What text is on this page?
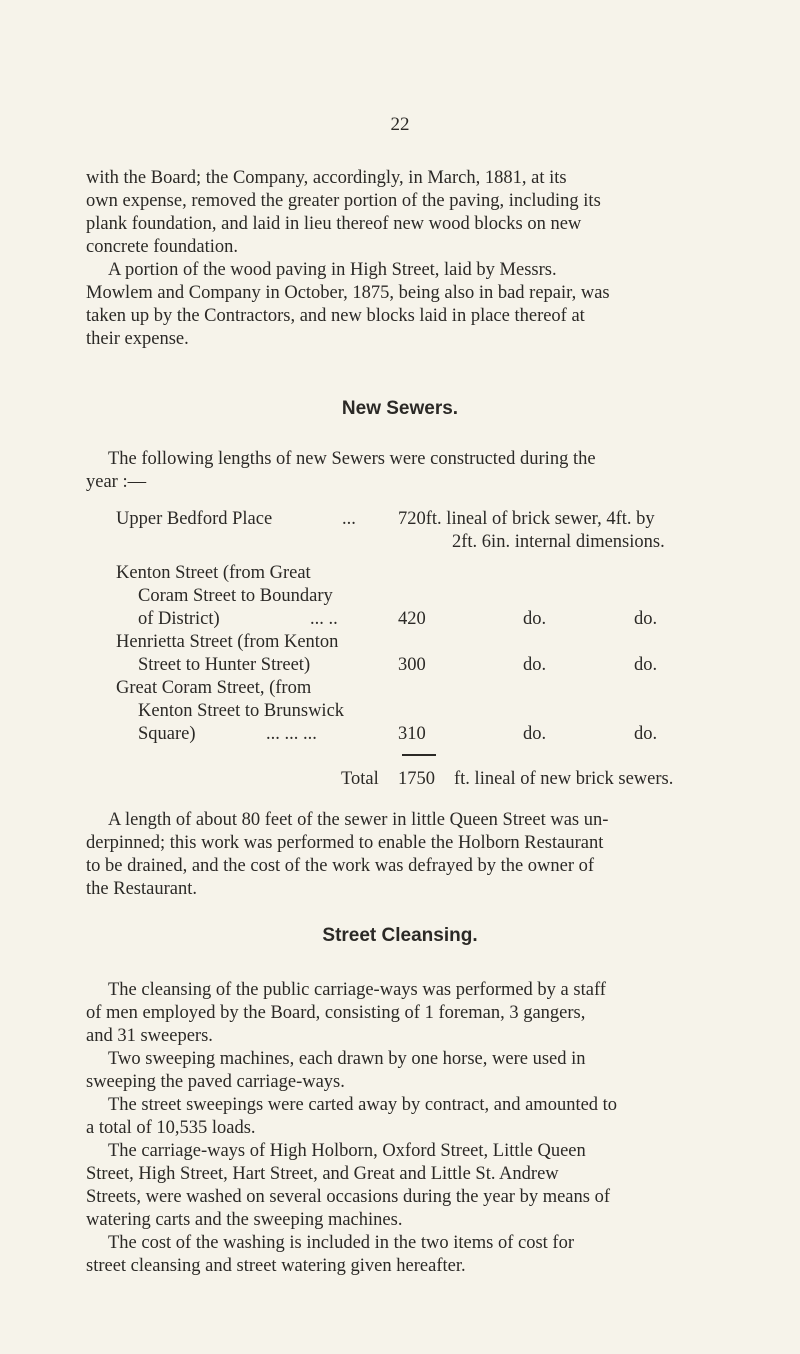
22

with the Board; the Company, accordingly, in March, 1881, at its
own expense, removed the greater portion of the paving, including its
plank foundation, and laid in lieu thereof new wood blocks on new
concrete foundation.

A portion of the wood paving in High Street, laid by Messrs.
Mowlem and Company in October, 1875, being also in bad repair, was
taken up by the Contractors, and new blocks laid in place thereof at
their expense.

New Sewers.

The following lengths of new Sewers were constructed during the
year :—

Upper Bedford Place	... 720ft. lineal of brick sewer, 4ft. by
2ft. 6in. internal dimensions.
Kenton Street (from Great
Coram Street to Boundary
of District)	... ..	420	do.	do.
Henrietta Street (from Kenton
Street to Hunter Street)	300	do.	do.
Great Coram Street, (from
Kenton Street to Brunswick
Square)	... ... ...	310	do.	do.
Total 1750 ft. lineal of new brick sewers.

A length of about 80 feet of the sewer in little Queen Street was un-
derpinned; this work was performed to enable the Holborn Restaurant
to be drained, and the cost of the work was defrayed by the owner of
the Restaurant.

Street Cleansing.

The cleansing of the public carriage-ways was performed by a staff
of men employed by the Board, consisting of 1 foreman, 3 gangers,
and 31 sweepers.

Two sweeping machines, each drawn by one horse, were used in
sweeping the paved carriage-ways.

The street sweepings were carted away by contract, and amounted to
a total of 10,535 loads.

The carriage-ways of High Holborn, Oxford Street, Little Queen
Street, High Street, Hart Street, and Great and Little St. Andrew
Streets, were washed on several occasions during the year by means of
watering carts and the sweeping machines.

The cost of the washing is included in the two items of cost for
street cleansing and street watering given hereafter.
